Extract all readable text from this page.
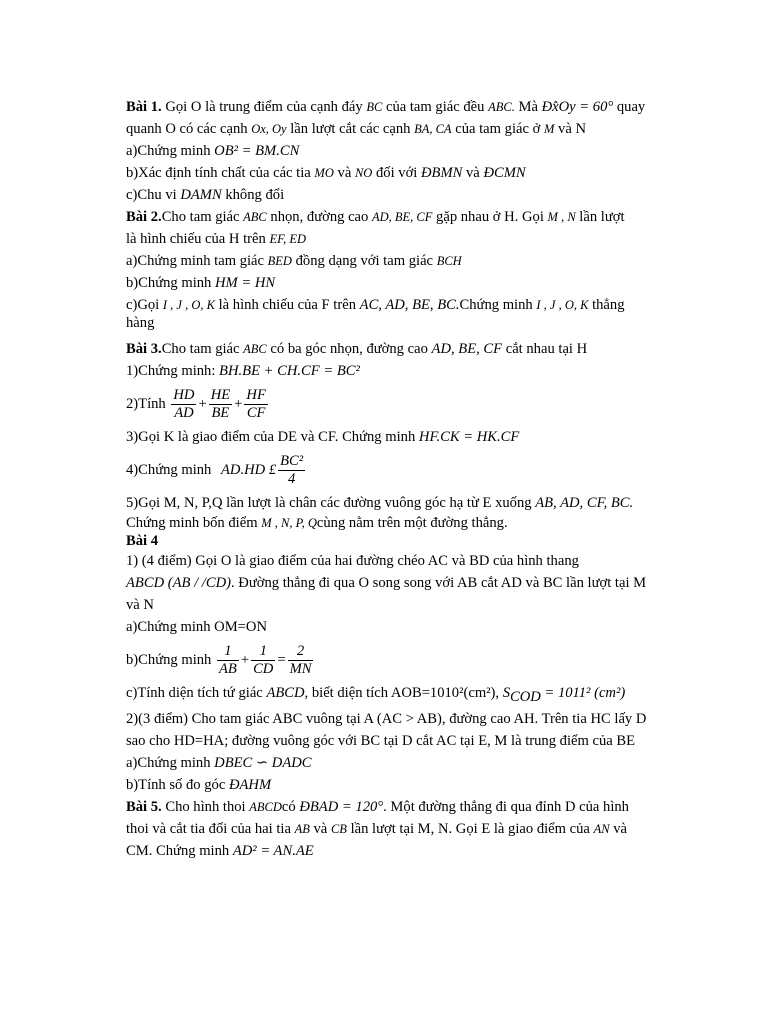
Bài 1. Gọi O là trung điểm của cạnh đáy BC của tam giác đều ABC. Mà Ðx̂Oy = 60° quay
quanh O có các cạnh Ox, Oy lần lượt cắt các cạnh BA, CA của tam giác ở M và N
a)Chứng minh OB² = BM.CN
b)Xác định tính chất của các tia MO và NO đối với ÐBMN và ÐCMN
c)Chu vi DAMN không đổi
Bài 2.Cho tam giác ABC nhọn, đường cao AD, BE, CF gặp nhau ở H. Gọi M , N lần lượt
là hình chiếu của H trên EF, ED
a)Chứng minh tam giác BED đồng dạng với tam giác BCH
b)Chứng minh HM = HN
c)Gọi I , J , O, K là hình chiếu của F trên AC, AD, BE, BC.Chứng minh I , J , O, K thẳng
hàng
Bài 3.Cho tam giác ABC có ba góc nhọn, đường cao AD, BE, CF cắt nhau tại H
1)Chứng minh: BH.BE + CH.CF = BC²
2)Tính $\frac{HD}{AD} + \frac{HE}{BE} + \frac{HF}{CF}$
3)Gọi K là giao điểm của DE và CF. Chứng minh HF.CK = HK.CF
4)Chứng minh AD.HD £ $\frac{\text{BC²}}{4}$
5)Gọi M, N, P,Q lần lượt là chân các đường vuông góc hạ từ E xuống AB, AD, CF, BC.
Chứng minh bốn điểm M , N, P, Qcùng nằm trên một đường thẳng.
Bài 4
1) (4 điểm) Gọi O là giao điểm của hai đường chéo AC và BD của hình thang
ABCD (AB / /CD). Đường thẳng đi qua O song song với AB cắt AD và BC lần lượt tại M
và N
a)Chứng minh OM=ON
b)Chứng minh $\frac{1}{AB} + \frac{1}{CD} = \frac{2}{MN}$
c)Tính diện tích tứ giác ABCD, biết diện tích AOB=1010²(cm²), $S_{COD} = 1011^2$ (cm²)
2)(3 điểm) Cho tam giác ABC vuông tại A (AC > AB), đường cao AH. Trên tia HC lấy D
sao cho HD=HA; đường vuông góc với BC tại D cắt AC tại E, M là trung điểm của BE
a)Chứng minh DBEC ∽ DADC
b)Tính số đo góc ÐAHM
Bài 5. Cho hình thoi ABCDcó ÐBAD = 120°. Một đường thẳng đi qua đỉnh D của hình
thoi và cắt tia đối của hai tia AB và CB lần lượt tại M, N. Gọi E là giao điểm của AN và
CM. Chứng minh AD² = AN.AE
